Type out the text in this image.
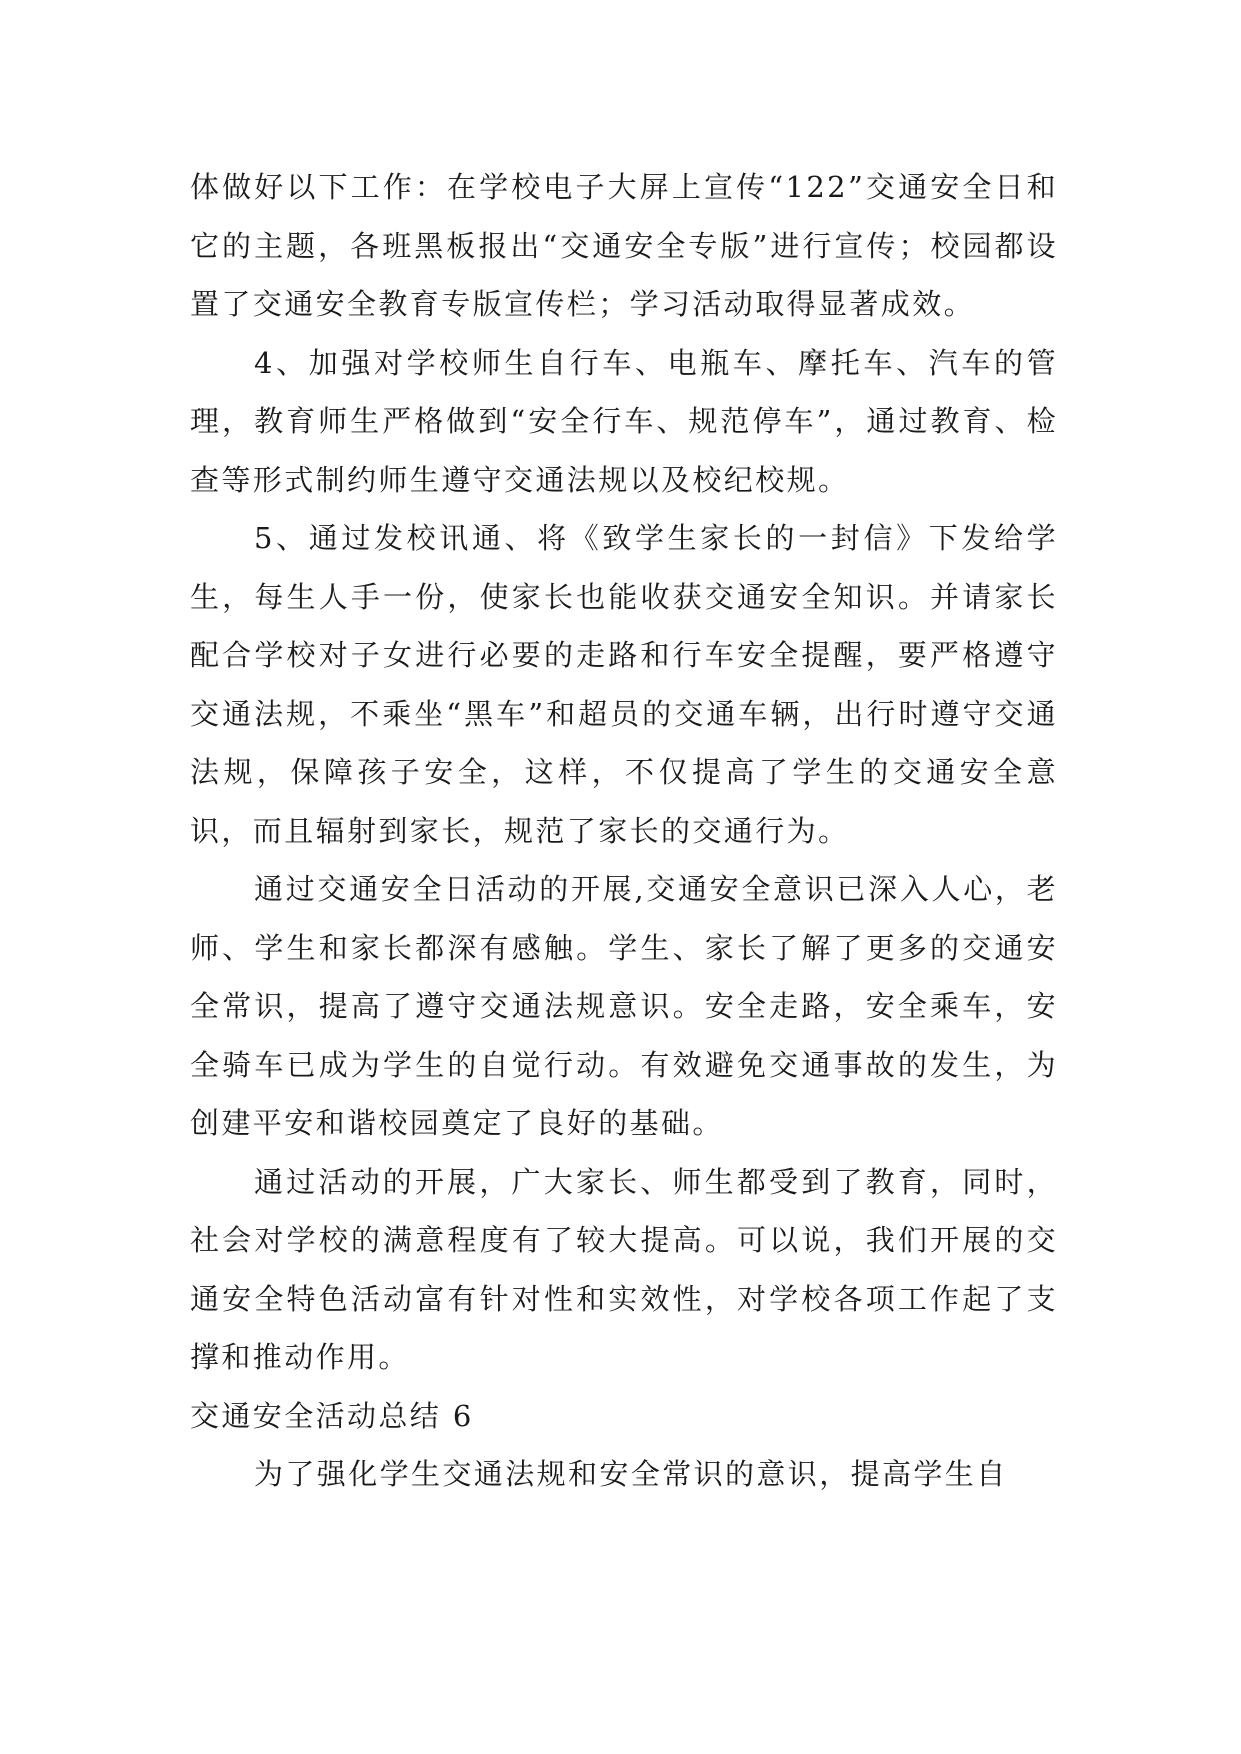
体做好以下工作：在学校电子大屏上宣传“122”交通安全日和它的主题，各班黑板报出“交通安全专版”进行宣传；校园都设置了交通安全教育专版宣传栏；学习活动取得显著成效。

4、加强对学校师生自行车、电瓶车、摩托车、汽车的管理，教育师生严格做到“安全行车、规范停车”，通过教育、检查等形式制约师生遵守交通法规以及校纪校规。

5、通过发校讯通、将《致学生家长的一封信》下发给学生，每生人手一份，使家长也能收获交通安全知识。并请家长配合学校对子女进行必要的走路和行车安全提醒，要严格遵守交通法规，不乘坐“黑车”和超员的交通车辆，出行时遵守交通法规，保障孩子安全，这样，不仅提高了学生的交通安全意识，而且辐射到家长，规范了家长的交通行为。

通过交通安全日活动的开展,交通安全意识已深入人心，老师、学生和家长都深有感触。学生、家长了解了更多的交通安全常识，提高了遵守交通法规意识。安全走路，安全乘车，安全骑车已成为学生的自觉行动。有效避免交通事故的发生，为创建平安和谐校园奠定了良好的基础。

通过活动的开展，广大家长、师生都受到了教育，同时，社会对学校的满意程度有了较大提高。可以说，我们开展的交通安全特色活动富有针对性和实效性，对学校各项工作起了支撑和推动作用。

交通安全活动总结 6

为了强化学生交通法规和安全常识的意识，提高学生自
